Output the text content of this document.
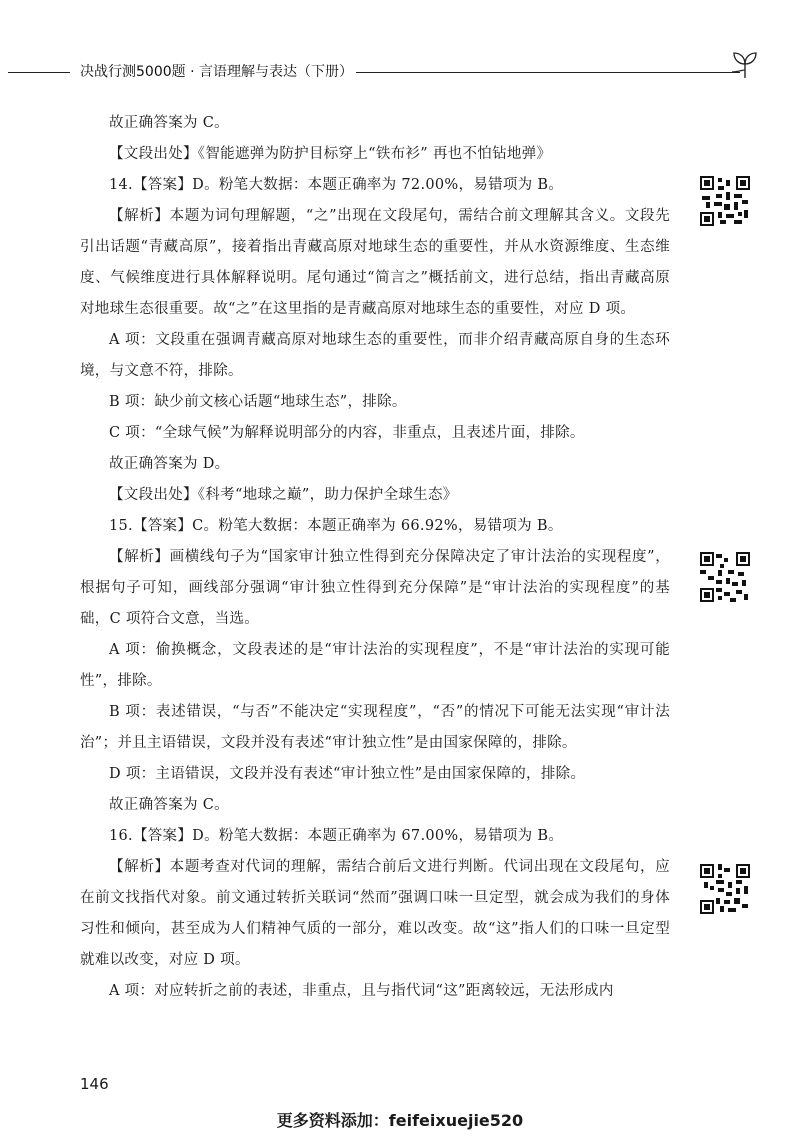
决战行测5000题 · 言语理解与表达（下册）

故正确答案为 C。

【文段出处】《智能遮弹为防护目标穿上“铁布衫” 再也不怕钻地弹》

14.【答案】D。粉笔大数据：本题正确率为 72.00%，易错项为 B。

【解析】本题为词句理解题，“之”出现在文段尾句，需结合前文理解其含义。文段先引出话题“青藏高原”，接着指出青藏高原对地球生态的重要性，并从水资源维度、生态维度、气候维度进行具体解释说明。尾句通过“简言之”概括前文，进行总结，指出青藏高原对地球生态很重要。故“之”在这里指的是青藏高原对地球生态的重要性，对应 D 项。

A 项：文段重在强调青藏高原对地球生态的重要性，而非介绍青藏高原自身的生态环境，与文意不符，排除。

B 项：缺少前文核心话题“地球生态”，排除。

C 项：“全球气候”为解释说明部分的内容，非重点，且表述片面，排除。

故正确答案为 D。

【文段出处】《科考“地球之巅”，助力保护全球生态》

15.【答案】C。粉笔大数据：本题正确率为 66.92%，易错项为 B。

【解析】画横线句子为“国家审计独立性得到充分保障决定了审计法治的实现程度”，根据句子可知，画线部分强调“审计独立性得到充分保障”是“审计法治的实现程度”的基础，C 项符合文意，当选。

A 项：偷换概念，文段表述的是“审计法治的实现程度”，不是“审计法治的实现可能性”，排除。

B 项：表述错误，“与否”不能决定“实现程度”，“否”的情况下可能无法实现“审计法治”；并且主语错误，文段并没有表述“审计独立性”是由国家保障的，排除。

D 项：主语错误，文段并没有表述“审计独立性”是由国家保障的，排除。

故正确答案为 C。

16.【答案】D。粉笔大数据：本题正确率为 67.00%，易错项为 B。

【解析】本题考查对代词的理解，需结合前后文进行判断。代词出现在文段尾句，应在前文找指代对象。前文通过转折关联词“然而”强调口味一旦定型，就会成为我们的身体习性和倾向，甚至成为人们精神气质的一部分，难以改变。故“这”指人们的口味一旦定型就难以改变，对应 D 项。

A 项：对应转折之前的表述，非重点，且与指代词“这”距离较远，无法形成内

146
更多资料添加：feifeixuejie520
